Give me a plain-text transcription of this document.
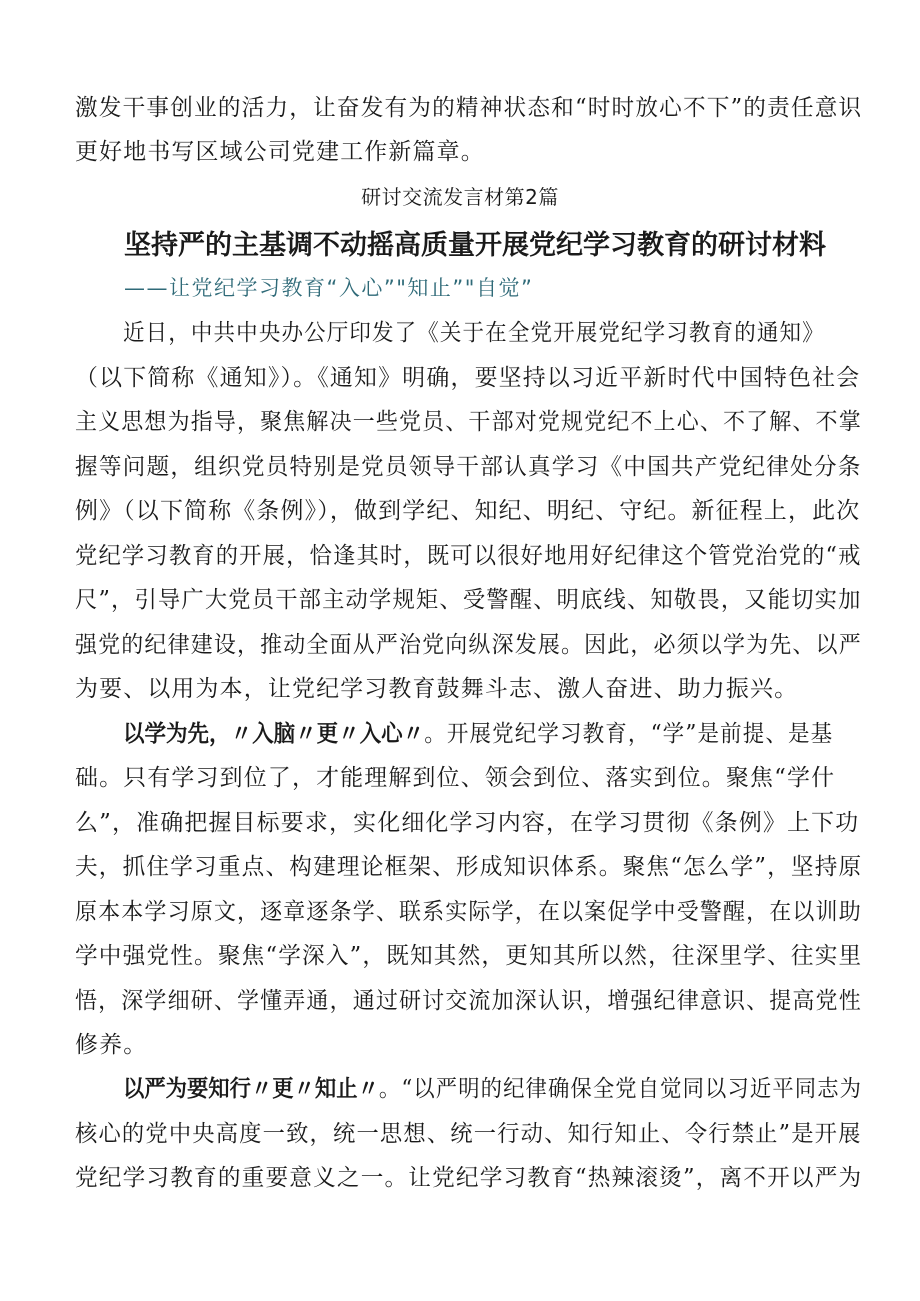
激发干事创业的活力，让奋发有为的精神状态和“时时放心不下”的责任意识
更好地书写区域公司党建工作新篇章。
研讨交流发言材第2篇
坚持严的主基调不动摇高质量开展党纪学习教育的研讨材料
——让党纪学习教育“入心”"知止”"自觉”
近日，中共中央办公厅印发了《关于在全党开展党纪学习教育的通知》
（以下简称《通知》）。《通知》明确，要坚持以习近平新时代中国特色社会
主义思想为指导，聚焦解决一些党员、干部对党规党纪不上心、不了解、不掌
握等问题，组织党员特别是党员领导干部认真学习《中国共产党纪律处分条
例》（以下简称《条例》），做到学纪、知纪、明纪、守纪。新征程上，此次
党纪学习教育的开展，恰逢其时，既可以很好地用好纪律这个管党治党的“戒
尺”，引导广大党员干部主动学规矩、受警醒、明底线、知敬畏，又能切实加
强党的纪律建设，推动全面从严治党向纵深发展。因此，必须以学为先、以严
为要、以用为本，让党纪学习教育鼓舞斗志、激人奋进、助力振兴。
以学为先，〃入脑〃更〃入心〃。开展党纪学习教育，“学”是前提、是基
础。只有学习到位了，才能理解到位、领会到位、落实到位。聚焦“学什
么”，准确把握目标要求，实化细化学习内容，在学习贯彻《条例》上下功
夫，抓住学习重点、构建理论框架、形成知识体系。聚焦“怎么学”，坚持原
原本本学习原文，逐章逐条学、联系实际学，在以案促学中受警醒，在以训助
学中强党性。聚焦“学深入”，既知其然，更知其所以然，往深里学、往实里
悟，深学细研、学懂弄通，通过研讨交流加深认识，增强纪律意识、提高党性
修养。
以严为要知行〃更〃知止〃。“以严明的纪律确保全党自觉同以习近平同志为
核心的党中央高度一致，统一思想、统一行动、知行知止、令行禁止”是开展
党纪学习教育的重要意义之一。让党纪学习教育“热辣滚烫”，离不开以严为
